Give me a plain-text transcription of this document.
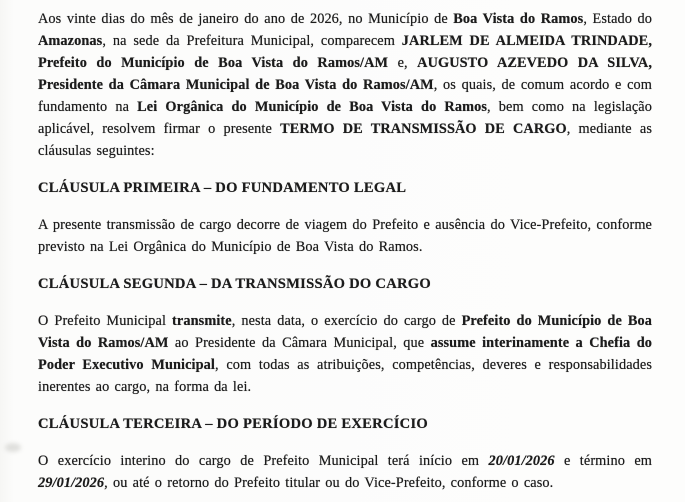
Aos vinte dias do mês de janeiro do ano de 2026, no Município de Boa Vista do Ramos, Estado do Amazonas, na sede da Prefeitura Municipal, comparecem JARLEM DE ALMEIDA TRINDADE, Prefeito do Município de Boa Vista do Ramos/AM e, AUGUSTO AZEVEDO DA SILVA, Presidente da Câmara Municipal de Boa Vista do Ramos/AM, os quais, de comum acordo e com fundamento na Lei Orgânica do Município de Boa Vista do Ramos, bem como na legislação aplicável, resolvem firmar o presente TERMO DE TRANSMISSÃO DE CARGO, mediante as cláusulas seguintes:

CLÁUSULA PRIMEIRA – DO FUNDAMENTO LEGAL

A presente transmissão de cargo decorre de viagem do Prefeito e ausência do Vice-Prefeito, conforme previsto na Lei Orgânica do Município de Boa Vista do Ramos.

CLÁUSULA SEGUNDA – DA TRANSMISSÃO DO CARGO

O Prefeito Municipal transmite, nesta data, o exercício do cargo de Prefeito do Município de Boa Vista do Ramos/AM ao Presidente da Câmara Municipal, que assume interinamente a Chefia do Poder Executivo Municipal, com todas as atribuições, competências, deveres e responsabilidades inerentes ao cargo, na forma da lei.

CLÁUSULA TERCEIRA – DO PERÍODO DE EXERCÍCIO

O exercício interino do cargo de Prefeito Municipal terá início em 20/01/2026 e término em 29/01/2026, ou até o retorno do Prefeito titular ou do Vice-Prefeito, conforme o caso.
